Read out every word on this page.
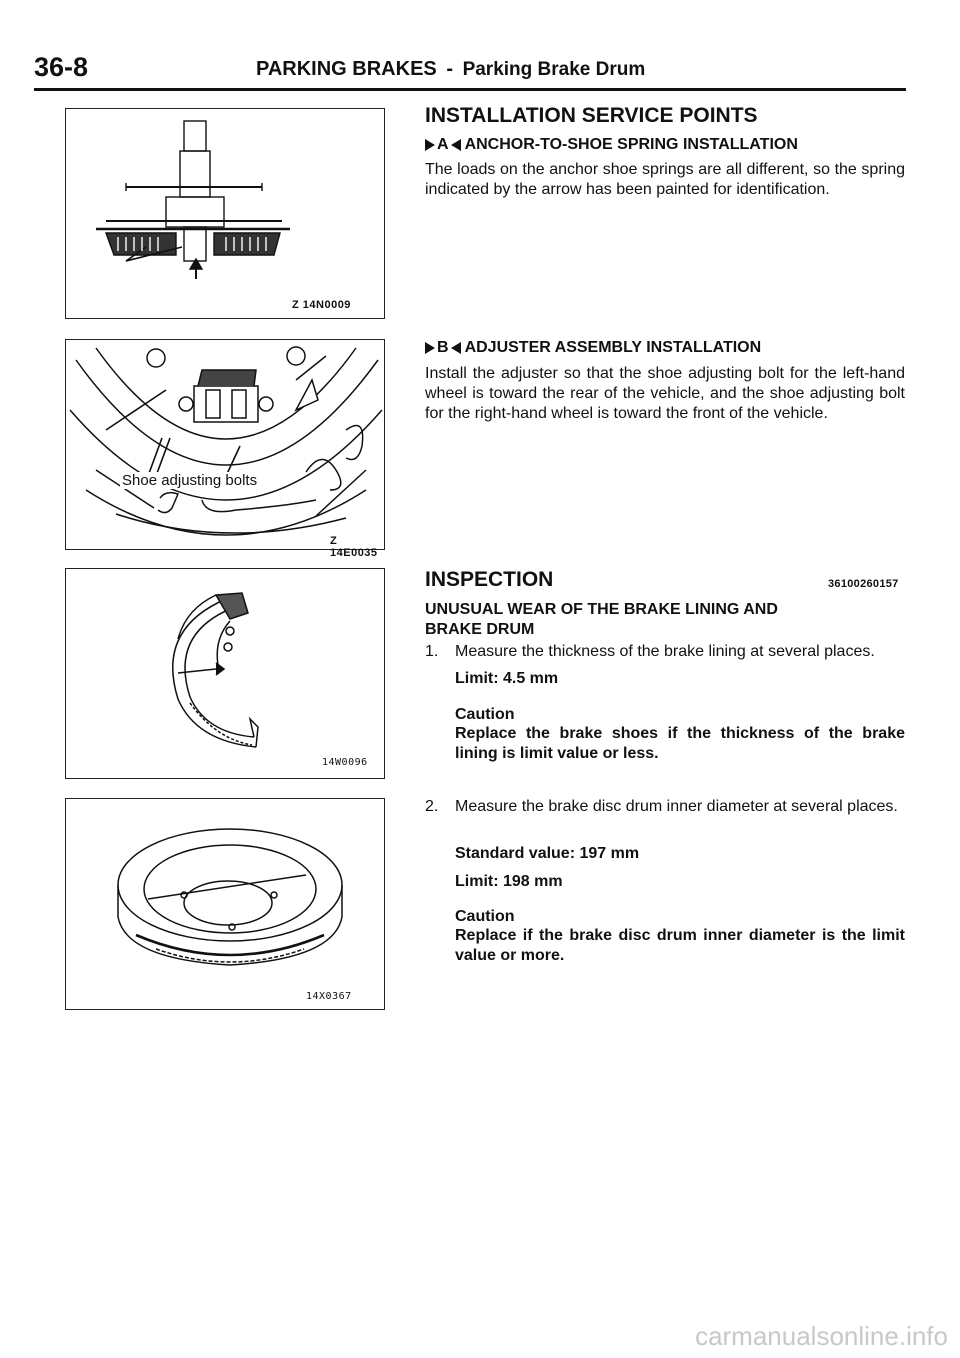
36-8	PARKING BRAKES - Parking Brake Drum
Z 14N0009
Shoe adjusting bolts
Z 14E0035
14W0096
14X0367
INSTALLATION SERVICE POINTS
A ANCHOR-TO-SHOE SPRING INSTALLATION
The loads on the anchor shoe springs are all different, so the spring indicated by the arrow has been painted for identification.
B ADJUSTER ASSEMBLY INSTALLATION
Install the adjuster so that the shoe adjusting bolt for the left-hand wheel is toward the rear of the vehicle, and the shoe adjusting bolt for the right-hand wheel is toward the front of the vehicle.
INSPECTION	36100260157
UNUSUAL WEAR OF THE BRAKE LINING AND
BRAKE DRUM
1. Measure the thickness of the brake lining at several places.
Limit: 4.5 mm
Caution
Replace the brake shoes if the thickness of the brake lining is limit value or less.
2. Measure the brake disc drum inner diameter at several places.
Standard value: 197 mm
Limit: 198 mm
Caution
Replace if the brake disc drum inner diameter is the limit value or more.
carmanualsonline.info
